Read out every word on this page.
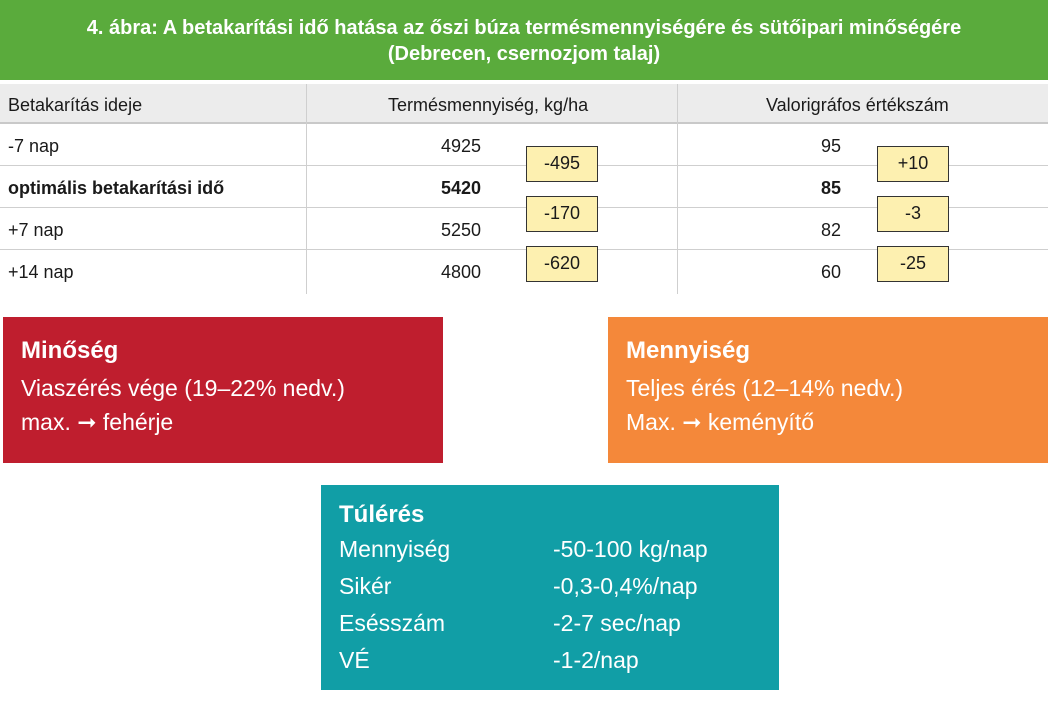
4. ábra: A betakarítási idő hatása az őszi búza termésmennyiségére és sütőipari minőségére
(Debrecen, csernozjom talaj)
Betakarítás ideje	Termésmennyiség, kg/ha	Valorigráfos értékszám
-7 nap	4925	95
optimális betakarítási idő	5420	85
+7 nap	5250	82
+14 nap	4800	60
-495
-170
-620
+10
-3
-25
Minőség

Viaszérés vége (19–22% nedv.)

max. ➞ fehérje

Mennyiség

Teljes érés (12–14% nedv.)

Max. ➞ keményítő

Túlérés
Mennyiség	-50-100 kg/nap
Sikér	-0,3-0,4%/nap
Esésszám	-2-7 sec/nap
VÉ	-1-2/nap
